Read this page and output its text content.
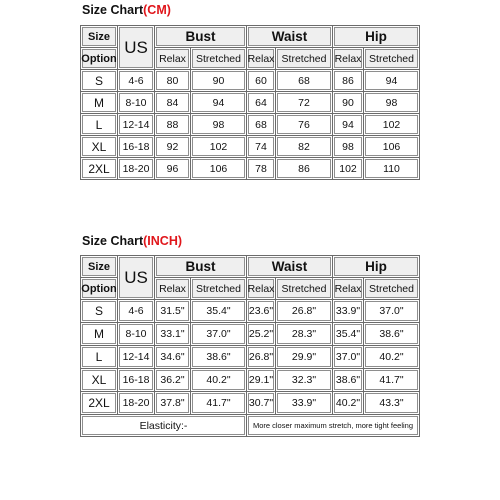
Size Chart(CM)
Size	US	Bust		Waist		Hip	
Option		Relax	Stretched	Relax	Stretched	Relax	Stretched
S	4-6	80	90	60	68	86	94
M	8-10	84	94	64	72	90	98
L	12-14	88	98	68	76	94	102
XL	16-18	92	102	74	82	98	106
2XL	18-20	96	106	78	86	102	110
Size Chart(INCH)
Size	US	Bust		Waist		Hip	
Option		Relax	Stretched	Relax	Stretched	Relax	Stretched
S	4-6	31.5"	35.4"	23.6"	26.8"	33.9"	37.0"
M	8-10	33.1"	37.0"	25.2"	28.3"	35.4"	38.6"
L	12-14	34.6"	38.6"	26.8"	29.9"	37.0"	40.2"
XL	16-18	36.2"	40.2"	29.1"	32.3"	38.6"	41.7"
2XL	18-20	37.8"	41.7"	30.7"	33.9"	40.2"	43.3"
Elasticity:-				More closer maximum stretch, more tight feeling			
